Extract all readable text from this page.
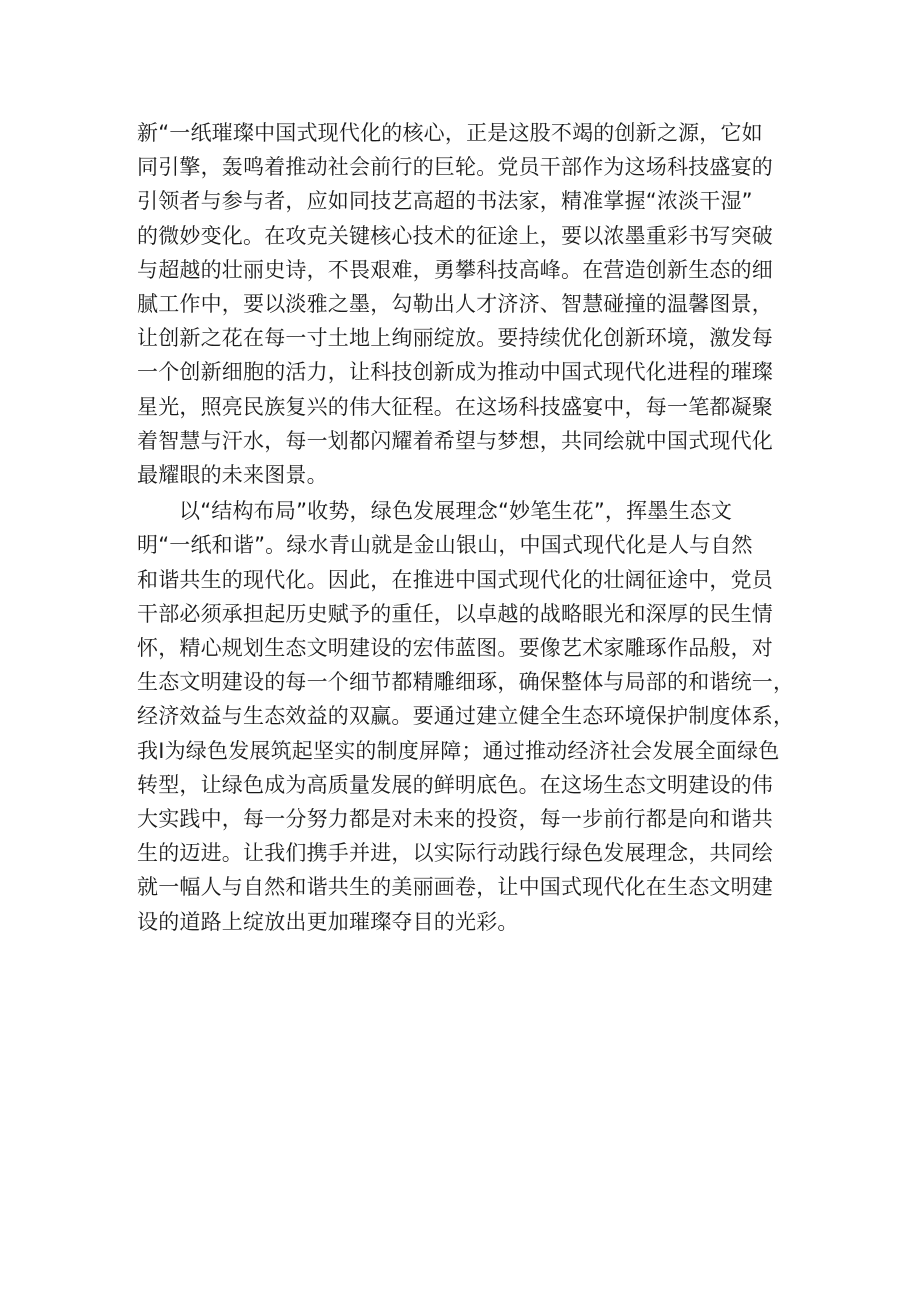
新“一纸璀璨中国式现代化的核心，正是这股不竭的创新之源，它如
同引擎，轰鸣着推动社会前行的巨轮。党员干部作为这场科技盛宴的
引领者与参与者，应如同技艺高超的书法家，精准掌握“浓淡干湿”
的微妙变化。在攻克关键核心技术的征途上，要以浓墨重彩书写突破
与超越的壮丽史诗，不畏艰难，勇攀科技高峰。在营造创新生态的细
腻工作中，要以淡雅之墨，勾勒出人才济济、智慧碰撞的温馨图景，
让创新之花在每一寸土地上绚丽绽放。要持续优化创新环境，激发每
一个创新细胞的活力，让科技创新成为推动中国式现代化进程的璀璨
星光，照亮民族复兴的伟大征程。在这场科技盛宴中，每一笔都凝聚
着智慧与汗水，每一划都闪耀着希望与梦想，共同绘就中国式现代化
最耀眼的未来图景。

以“结构布局”收势，绿色发展理念“妙笔生花”，挥墨生态文
明“一纸和谐”。绿水青山就是金山银山，中国式现代化是人与自然
和谐共生的现代化。因此，在推进中国式现代化的壮阔征途中，党员
干部必须承担起历史赋予的重任，以卓越的战略眼光和深厚的民生情
怀，精心规划生态文明建设的宏伟蓝图。要像艺术家雕琢作品般，对
生态文明建设的每一个细节都精雕细琢，确保整体与局部的和谐统一，
经济效益与生态效益的双赢。要通过建立健全生态环境保护制度体系，
我I为绿色发展筑起坚实的制度屏障；通过推动经济社会发展全面绿色
转型，让绿色成为高质量发展的鲜明底色。在这场生态文明建设的伟
大实践中，每一分努力都是对未来的投资，每一步前行都是向和谐共
生的迈进。让我们携手并进，以实际行动践行绿色发展理念，共同绘
就一幅人与自然和谐共生的美丽画卷，让中国式现代化在生态文明建
设的道路上绽放出更加璀璨夺目的光彩。
